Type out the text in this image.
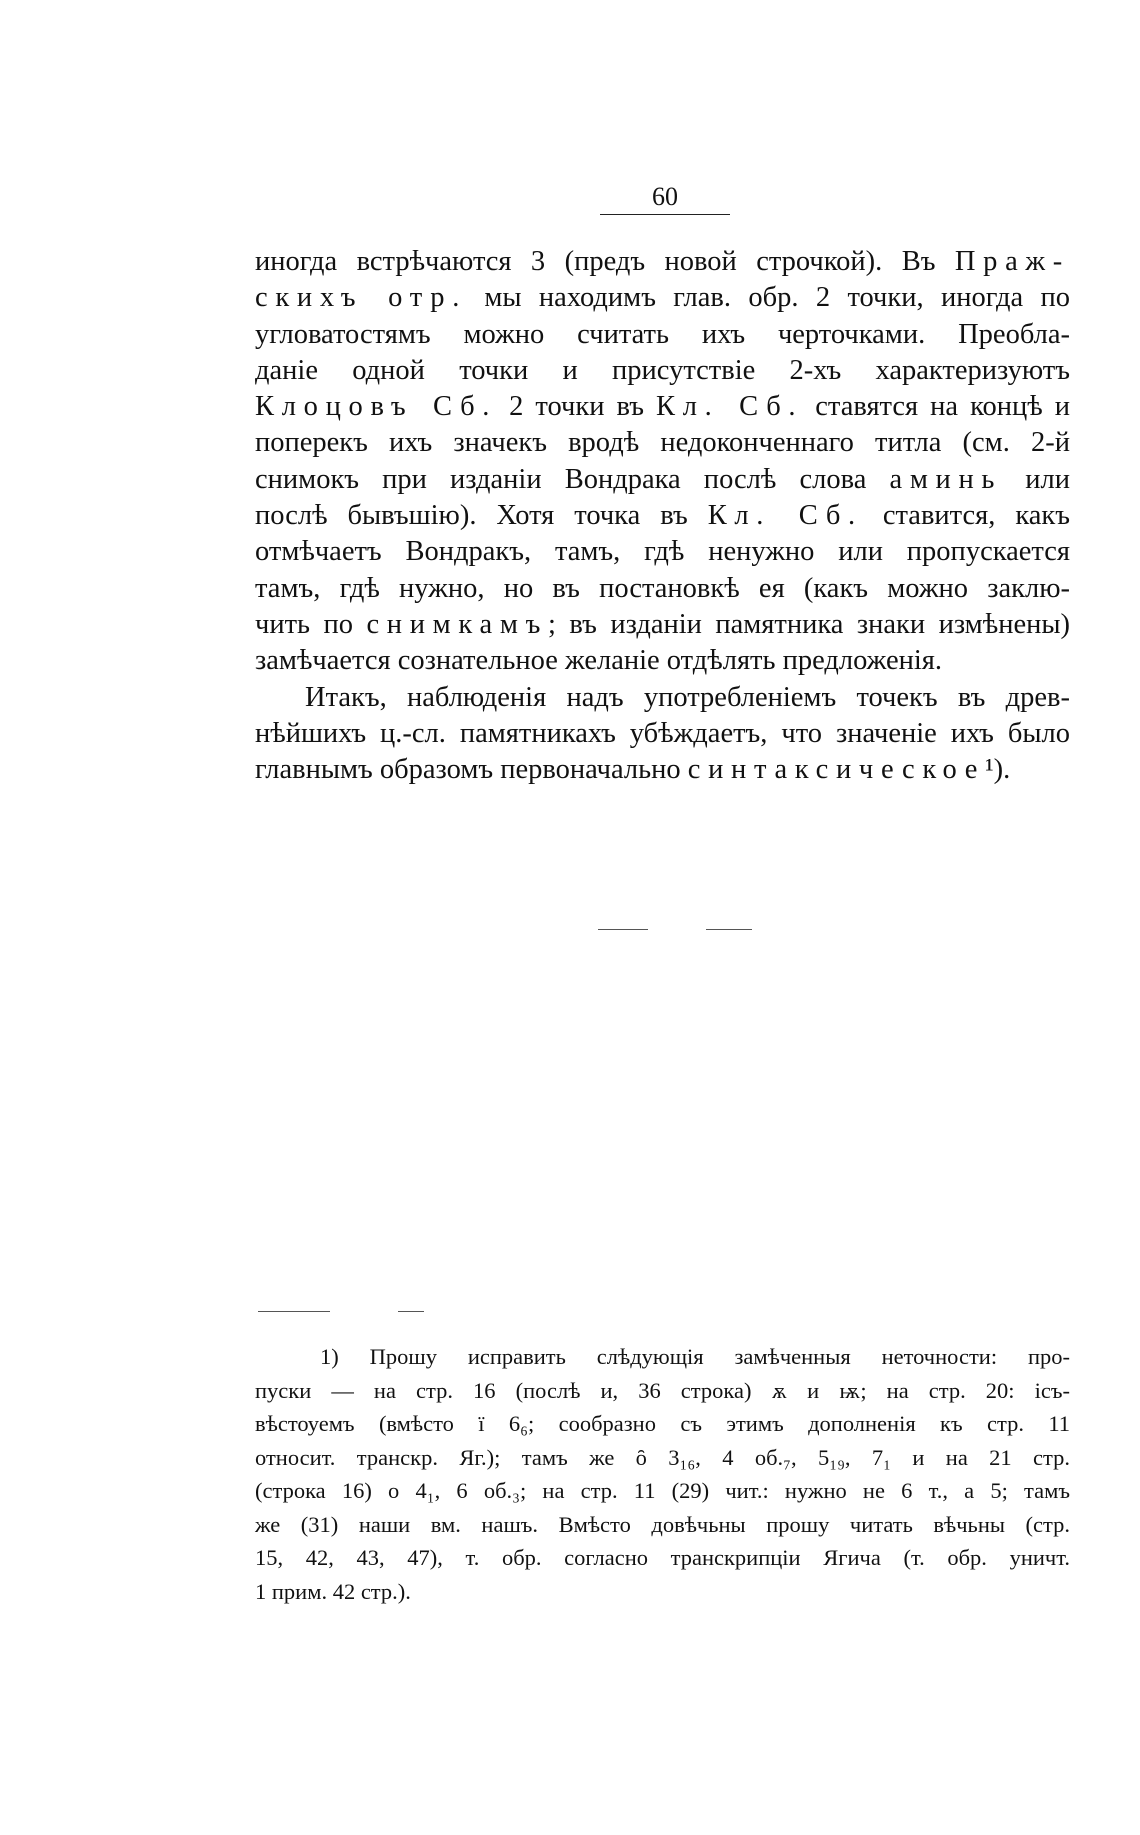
60
иногда встрѣчаются 3 (предъ новой строчкой). Въ Праж-
скихъ отр. мы находимъ глав. обр. 2 точки, иногда по
угловатостямъ можно считать ихъ черточками. Преобла-
даніе одной точки и присутствіе 2-хъ характеризуютъ
Клоцовъ Сб. 2 точки въ Кл. Сб. ставятся на концѣ и
поперекъ ихъ значекъ вродѣ недоконченнаго титла (см. 2-й
снимокъ при изданіи Вондрака послѣ слова аминь или
послѣ бывъшію). Хотя точка въ Кл. Сб. ставится, какъ
отмѣчаетъ Вондракъ, тамъ, гдѣ ненужно или пропускается
тамъ, гдѣ нужно, но въ постановкѣ ея (какъ можно заклю-
чить по снимкамъ; въ изданіи памятника знаки измѣнены)
замѣчается сознательное желаніе отдѣлять предложенія.
Итакъ, наблюденія надъ употребленіемъ точекъ въ древ-
нѣйшихъ ц.-сл. памятникахъ убѣждаетъ, что значеніе ихъ было
главнымъ образомъ первоначально синтаксическое¹).
1) Прошу исправить слѣдующія замѣченныя неточности: про-
пуски — на стр. 16 (послѣ и, 36 строка) ѫ и ѭ; на стр. 20: ісъ-
вѣстоуемъ (вмѣсто ї 6₆; сообразно съ этимъ дополненія къ стр. 11
относит. транскр. Яг.); тамъ же ȏ 3₁₆, 4 об.₇, 5₁₉, 7₁ и на 21 стр.
(строка 16) о 4₁, 6 об.₃; на стр. 11 (29) чит.: нужно не 6 т., а 5; тамъ
же (31) наши вм. нашъ. Вмѣсто довѣчьны прошу читать вѣчьны (стр.
15, 42, 43, 47), т. обр. согласно транскрипціи Ягича (т. обр. уничт.
1 прим. 42 стр.).
